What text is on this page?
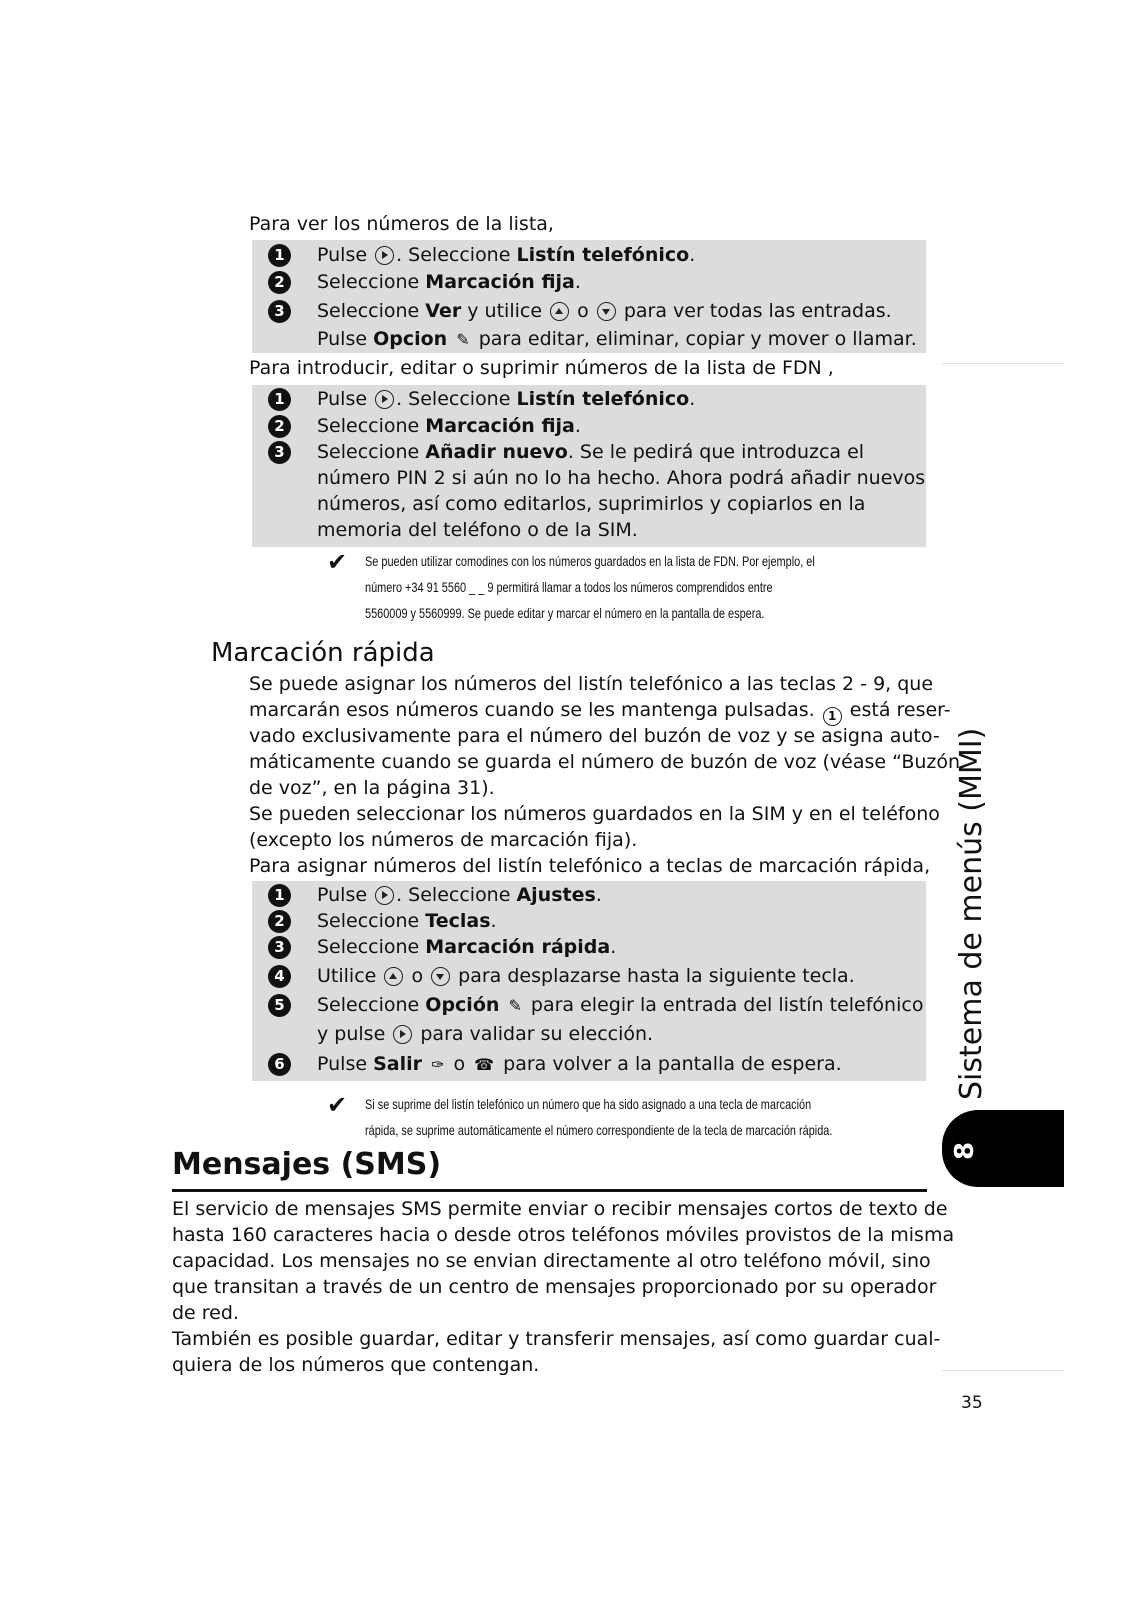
Para ver los números de la lista,
1	Pulse . Seleccione Listín telefónico.
2	Seleccione Marcación fija.
3	Seleccione Ver y utilice o para ver todas las entradas.
Pulse Opcion ✎ para editar, eliminar, copiar y mover o llamar.
Para introducir, editar o suprimir números de la lista de FDN ,
1	Pulse . Seleccione Listín telefónico.
2	Seleccione Marcación fija.
3	Seleccione Añadir nuevo. Se le pedirá que introduzca el
número PIN 2 si aún no lo ha hecho. Ahora podrá añadir nuevos
números, así como editarlos, suprimirlos y copiarlos en la
memoria del teléfono o de la SIM.
✔ Se pueden utilizar comodines con los números guardados en la lista de FDN. Por ejemplo, el
número +34 91 5560 _ _ 9 permitirá llamar a todos los números comprendidos entre
5560009 y 5560999. Se puede editar y marcar el número en la pantalla de espera.
Marcación rápida
Se puede asignar los números del listín telefónico a las teclas 2 - 9, que
marcarán esos números cuando se les mantenga pulsadas. 1 está reser-
vado exclusivamente para el número del buzón de voz y se asigna auto-
máticamente cuando se guarda el número de buzón de voz (véase “Buzón
de voz”, en la página 31).
Se pueden seleccionar los números guardados en la SIM y en el teléfono
(excepto los números de marcación fija).
Para asignar números del listín telefónico a teclas de marcación rápida,
1	Pulse . Seleccione Ajustes.
2	Seleccione Teclas.
3	Seleccione Marcación rápida.
4	Utilice o para desplazarse hasta la siguiente tecla.
5	Seleccione Opción ✎ para elegir la entrada del listín telefónico
y pulse para validar su elección.
6	Pulse Salir ✑ o ☎ para volver a la pantalla de espera.
✔ Si se suprime del listín telefónico un número que ha sido asignado a una tecla de marcación
rápida, se suprime automáticamente el número correspondiente de la tecla de marcación rápida.
Mensajes (SMS)
El servicio de mensajes SMS permite enviar o recibir mensajes cortos de texto de
hasta 160 caracteres hacia o desde otros teléfonos móviles provistos de la misma
capacidad. Los mensajes no se envian directamente al otro teléfono móvil, sino
que transitan a través de un centro de mensajes proporcionado por su operador
de red.
También es posible guardar, editar y transferir mensajes, así como guardar cual-
quiera de los números que contengan.
Sistema de menús (MMI)
8
35
